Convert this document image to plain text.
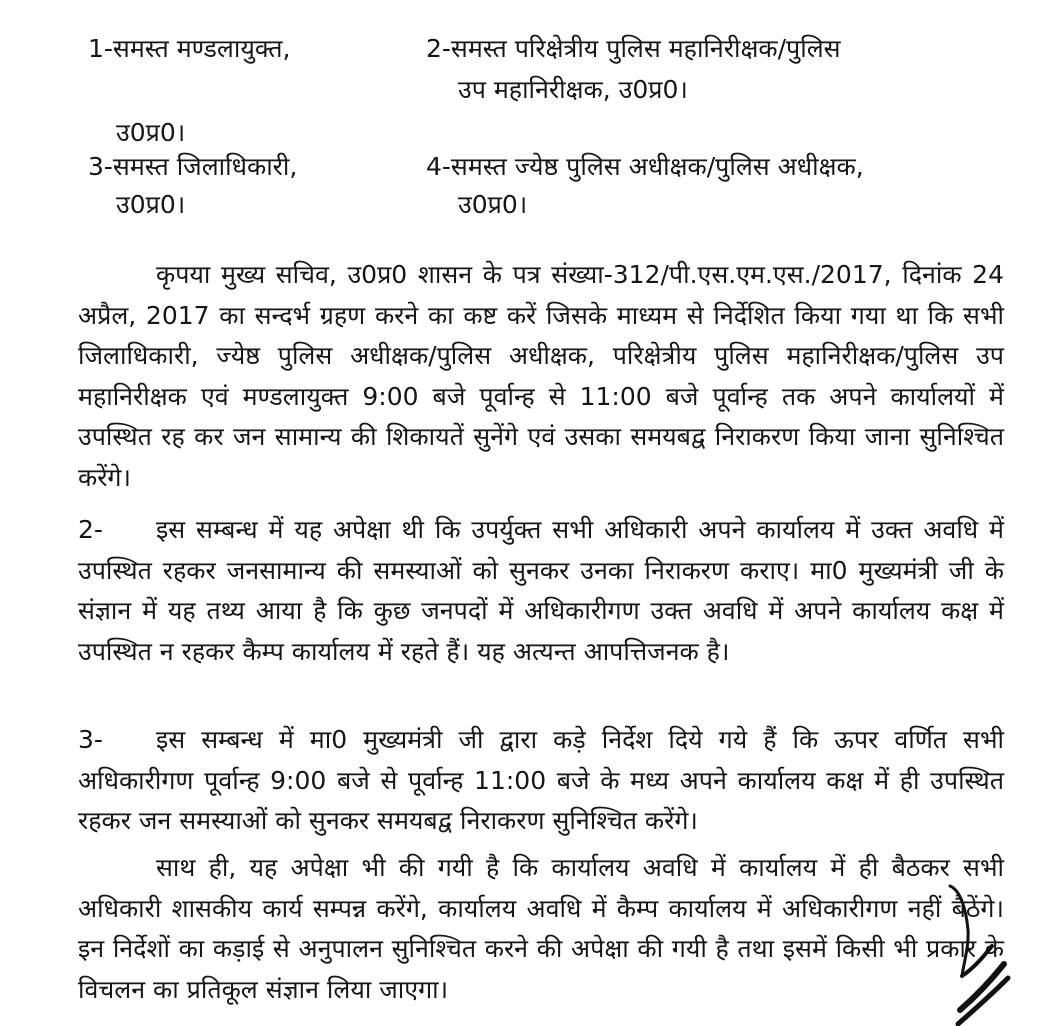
1-समस्त मण्डलायुक्त,	2-समस्त परिक्षेत्रीय पुलिस महानिरीक्षक/पुलिस
उप महानिरीक्षक, उ0प्र0।
उ0प्र0।
3-समस्त जिलाधिकारी,	4-समस्त ज्येष्ठ पुलिस अधीक्षक/पुलिस अधीक्षक,
उ0प्र0।	उ0प्र0।

कृपया मुख्य सचिव, उ0प्र0 शासन के पत्र संख्या-312/पी.एस.एम.एस./2017, दिनांक 24 अप्रैल, 2017 का सन्दर्भ ग्रहण करने का कष्ट करें जिसके माध्यम से निर्देशित किया गया था कि सभी जिलाधिकारी, ज्येष्ठ पुलिस अधीक्षक/पुलिस अधीक्षक, परिक्षेत्रीय पुलिस महानिरीक्षक/पुलिस उप महानिरीक्षक एवं मण्डलायुक्त 9:00 बजे पूर्वान्ह से 11:00 बजे पूर्वान्ह तक अपने कार्यालयों में उपस्थित रह कर जन सामान्य की शिकायतें सुनेंगे एवं उसका समयबद्व निराकरण किया जाना सुनिश्चित करेंगे।

2- इस सम्बन्ध में यह अपेक्षा थी कि उपर्युक्त सभी अधिकारी अपने कार्यालय में उक्त अवधि में उपस्थित रहकर जनसामान्य की समस्याओं को सुनकर उनका निराकरण कराए। मा0 मुख्यमंत्री जी के संज्ञान में यह तथ्य आया है कि कुछ जनपदों में अधिकारीगण उक्त अवधि में अपने कार्यालय कक्ष में उपस्थित न रहकर कैम्प कार्यालय में रहते हैं। यह अत्यन्त आपत्तिजनक है।

3- इस सम्बन्ध में मा0 मुख्यमंत्री जी द्वारा कड़े निर्देश दिये गये हैं कि ऊपर वर्णित सभी अधिकारीगण पूर्वान्ह 9:00 बजे से पूर्वान्ह 11:00 बजे के मध्य अपने कार्यालय कक्ष में ही उपस्थित रहकर जन समस्याओं को सुनकर समयबद्व निराकरण सुनिश्चित करेंगे।

साथ ही, यह अपेक्षा भी की गयी है कि कार्यालय अवधि में कार्यालय में ही बैठकर सभी अधिकारी शासकीय कार्य सम्पन्न करेंगे, कार्यालय अवधि में कैम्प कार्यालय में अधिकारीगण नहीं बैठेंगे। इन निर्देशों का कड़ाई से अनुपालन सुनिश्चित करने की अपेक्षा की गयी है तथा इसमें किसी भी प्रकार के विचलन का प्रतिकूल संज्ञान लिया जाएगा।
